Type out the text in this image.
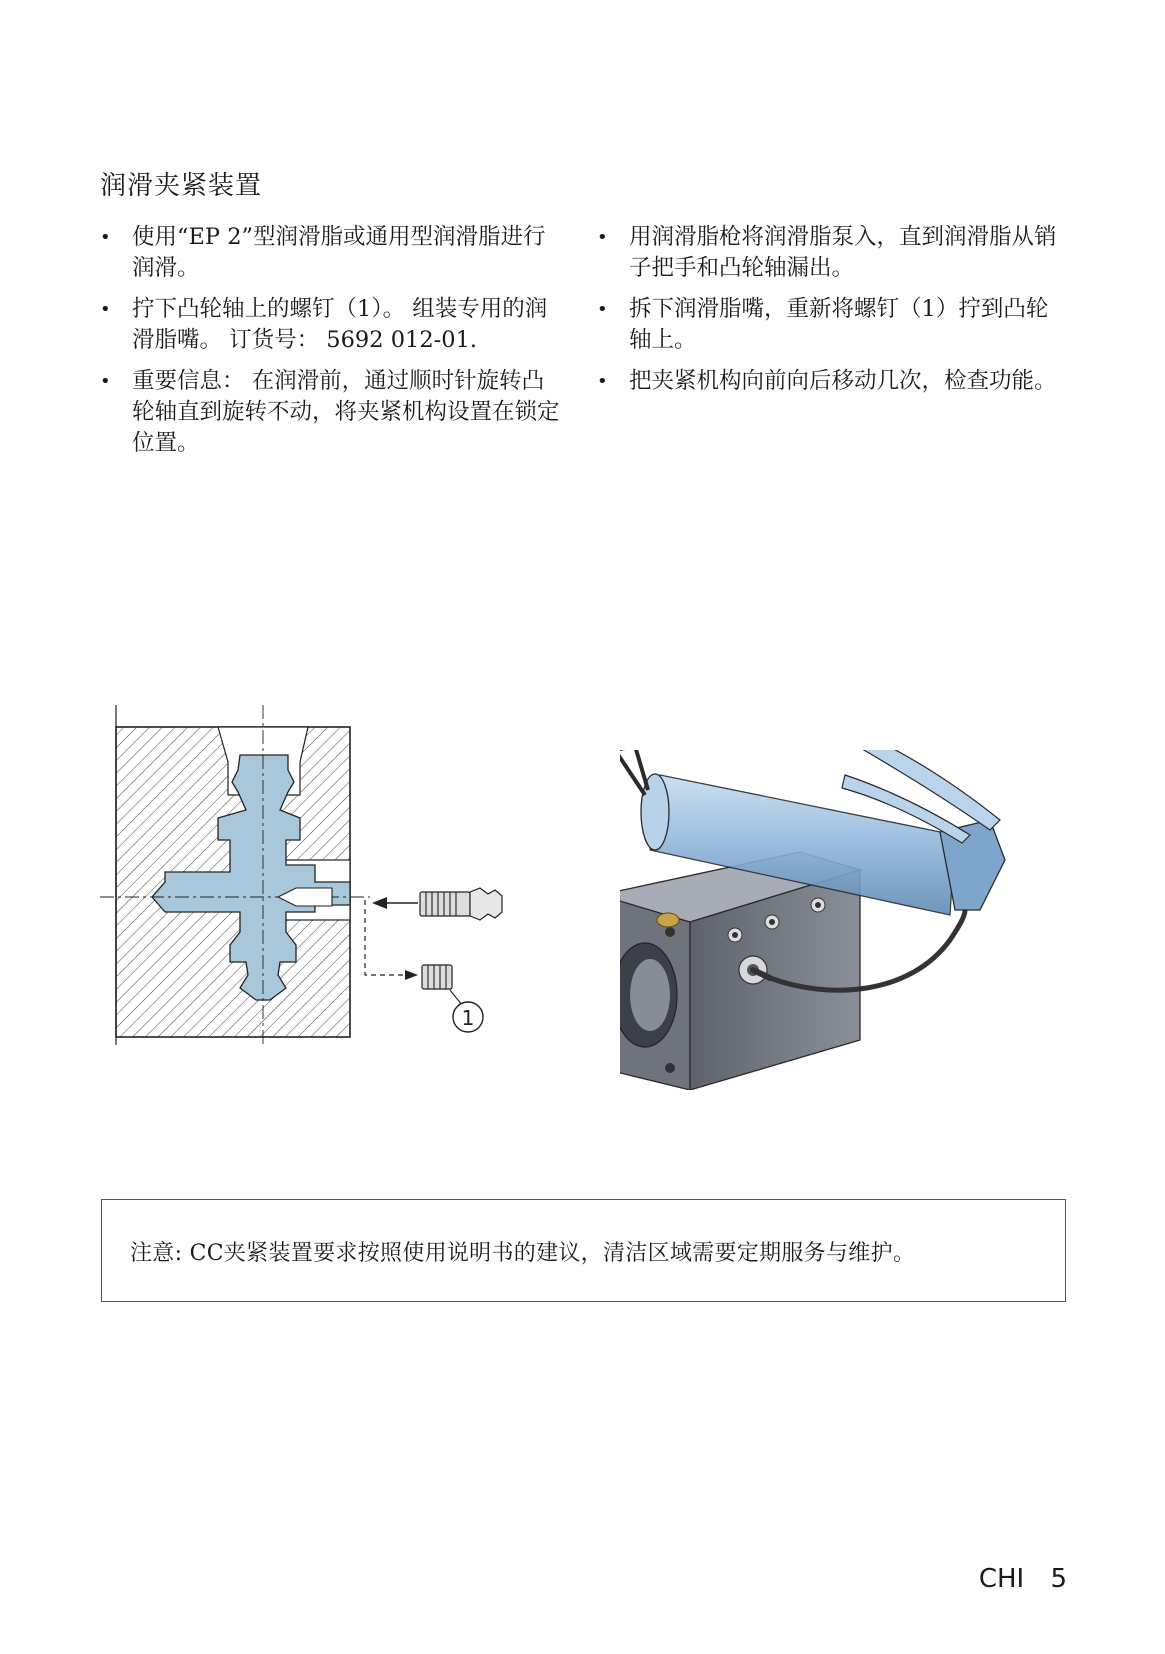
润滑夹紧装置
• 使用“EP 2”型润滑脂或通用型润滑脂进行润滑。
• 拧下凸轮轴上的螺钉（1）。 组装专用的润滑脂嘴。 订货号： 5692 012-01.
• 重要信息： 在润滑前，通过顺时针旋转凸轮轴直到旋转不动，将夹紧机构设置在锁定位置。
• 用润滑脂枪将润滑脂泵入，直到润滑脂从销子把手和凸轮轴漏出。
• 拆下润滑脂嘴，重新将螺钉（1）拧到凸轮轴上。
• 把夹紧机构向前向后移动几次，检查功能。
1
注意: CC夹紧装置要求按照使用说明书的建议，清洁区域需要定期服务与维护。
CHI 5
